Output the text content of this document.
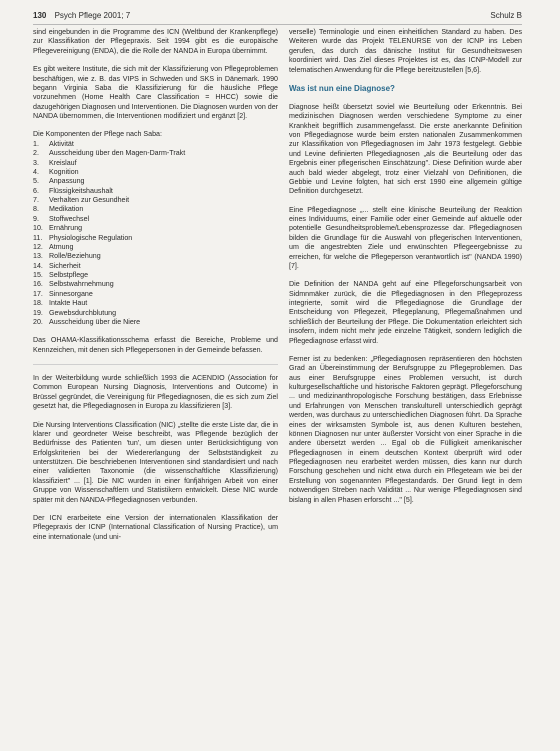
130 Psych Pflege 2001; 7	Schulz B

sind eingebunden in die Programme des ICN (Weltbund der Krankenpflege) zur Klassifikation der Pflegepraxis. Seit 1994 gibt es die europäische Pflegevereinigung (ENDA), die die Rolle der NANDA in Europa übernimmt.

Es gibt weitere Institute, die sich mit der Klassifizierung von Pflegeproblemen beschäftigen, wie z. B. das VIPS in Schweden und SKS in Dänemark. 1990 begann Virginia Saba die Klassifizierung für die häusliche Pflege vorzunehmen (Home Health Care Classification = HHCC) sowie die dazugehörigen Diagnosen und Interventionen. Die Diagnosen wurden von der NANDA übernommen, die Interventionen modifiziert und ergänzt [2].

Die Komponenten der Pflege nach Saba:

1. Aktivität
2. Ausscheidung über den Magen-Darm-Trakt
3. Kreislauf
4. Kognition
5. Anpassung
6. Flüssigkeitshaushalt
7. Verhalten zur Gesundheit
8. Medikation
9. Stoffwechsel
10. Ernährung
11. Physiologische Regulation
12. Atmung
13. Rolle/Beziehung
14. Sicherheit
15. Selbstpflege
16. Selbstwahrnehmung
17. Sinnesorgane
18. Intakte Haut
19. Gewebsdurchblutung
20. Ausscheidung über die Niere

Das OHAMA-Klassifikationsschema erfasst die Bereiche, Probleme und Kennzeichen, mit denen sich Pflegepersonen in der Gemeinde befassen.

In der Weiterbildung wurde schließlich 1993 die ACENDIO (Association for Common European Nursing Diagnosis, Interventions and Outcome) in Brüssel gegründet, die Vereinigung für Pflegediagnosen, die es sich zum Ziel gesetzt hat, die Pflegediagnosen in Europa zu klassifizieren [3].

Die Nursing Interventions Classification (NIC) „stellte die erste Liste dar, die in klarer und geordneter Weise beschreibt, was Pflegende bezüglich der Bedürfnisse des Patienten 'tun', um diesen unter Berücksichtigung von Erfolgskriterien bei der Wiedererlangung der Selbstständigkeit zu unterstützen. Die beschriebenen Interventionen sind standardisiert und nach einer validierten Taxonomie (die wissenschaftliche Klassifizierung) klassifiziert" ... [1]. Die NIC wurden in einer fünfjährigen Arbeit von einer Gruppe von Wissenschaftlern und Statistikern entwickelt. Diese NIC wurde später mit den NANDA-Pflegediagnosen verbunden.

Der ICN erarbeitete eine Version der internationalen Klassifikation der Pflegepraxis der ICNP (International Classification of Nursing Practice), um eine internationale (und uni-

verselle) Terminologie und einen einheitlichen Standard zu haben. Des Weiteren wurde das Projekt TELENURSE von der ICNP ins Leben gerufen, das durch das dänische Institut für Gesundheitswesen koordiniert wird. Das Ziel dieses Projektes ist es, das ICNP-Modell zur telematischen Anwendung für die Pflege bereitzustellen [5,6].

Was ist nun eine Diagnose?

Diagnose heißt übersetzt soviel wie Beurteilung oder Erkenntnis. Bei medizinischen Diagnosen werden verschiedene Symptome zu einer Krankheit begrifflich zusammengefasst. Die erste anerkannte Definition von Pflegediagnose wurde beim ersten nationalen Zusammenkommen zur Klassifikation von Pflegediagnosen im Jahr 1973 festgelegt. Gebbie und Levine definierten Pflegediagnosen „als die Beurteilung oder das Ergebnis einer pflegerischen Einschätzung". Diese Definition wurde aber auch bald wieder abgelegt, trotz einer Vielzahl von Definitionen, die Gebbie und Levine folgten, hat sich erst 1990 eine allgemein gültige Definition durchgesetzt.

Eine Pflegediagnose „... stellt eine klinische Beurteilung der Reaktion eines Individuums, einer Familie oder einer Gemeinde auf aktuelle oder potentielle Gesundheitsprobleme/Lebensprozesse dar. Pflegediagnosen bilden die Grundlage für die Auswahl von pflegerischen Interventionen, um die angestrebten Ziele und erwünschten Pflegeergebnisse zu erreichen, für welche die Pflegeperson verantwortlich ist" (NANDA 1990) [7].

Die Definition der NANDA geht auf eine Pflegeforschungsarbeit von Sidmnmäker zurück, die die Pflegediagnosen in den Pflegeprozess integrierte, somit wird die Pflegediagnose die Grundlage der Entscheidung von Pflegezeit, Pflegeplanung, Pflegemaßnahmen und schließlich der Beurteilung der Pflege. Die Dokumentation erleichtert sich insofern, indem nicht mehr jede einzelne Tätigkeit, sondern lediglich die Pflegediagnose erfasst wird.

Ferner ist zu bedenken: „Pflegediagnosen repräsentieren den höchsten Grad an Übereinstimmung der Berufsgruppe zu Pflegeproblemen. Das aus einer Berufsgruppe eines Problemen versucht, ist durch kulturgesellschaftliche und historische Faktoren geprägt. Pflegeforschung ... und medizinanthropologische Forschung bestätigen, dass Erlebnisse und Erfahrungen von Menschen transkulturell unterschiedlich geprägt werden, was durchaus zu unterschiedlichen Diagnosen führt. Da Sprache eines der wirksamsten Symbole ist, aus denen Kulturen bestehen, können Diagnosen nur unter äußerster Vorsicht von einer Sprache in die andere übersetzt werden ... Egal ob die Fülligkeit amerikanischer Pflegediagnosen in einem deutschen Kontext überprüft wird oder Pflegediagnosen neu erarbeitet werden müssen, dies kann nur durch Forschung geschehen und nicht etwa durch ein Pflegeteam wie bei der Erstellung von sogenannten Pflegestandards. Der Grund liegt in dem notwendigen Streben nach Validität ... Nur wenige Pflegediagnosen sind bislang in allen Phasen erforscht ..." [5].
